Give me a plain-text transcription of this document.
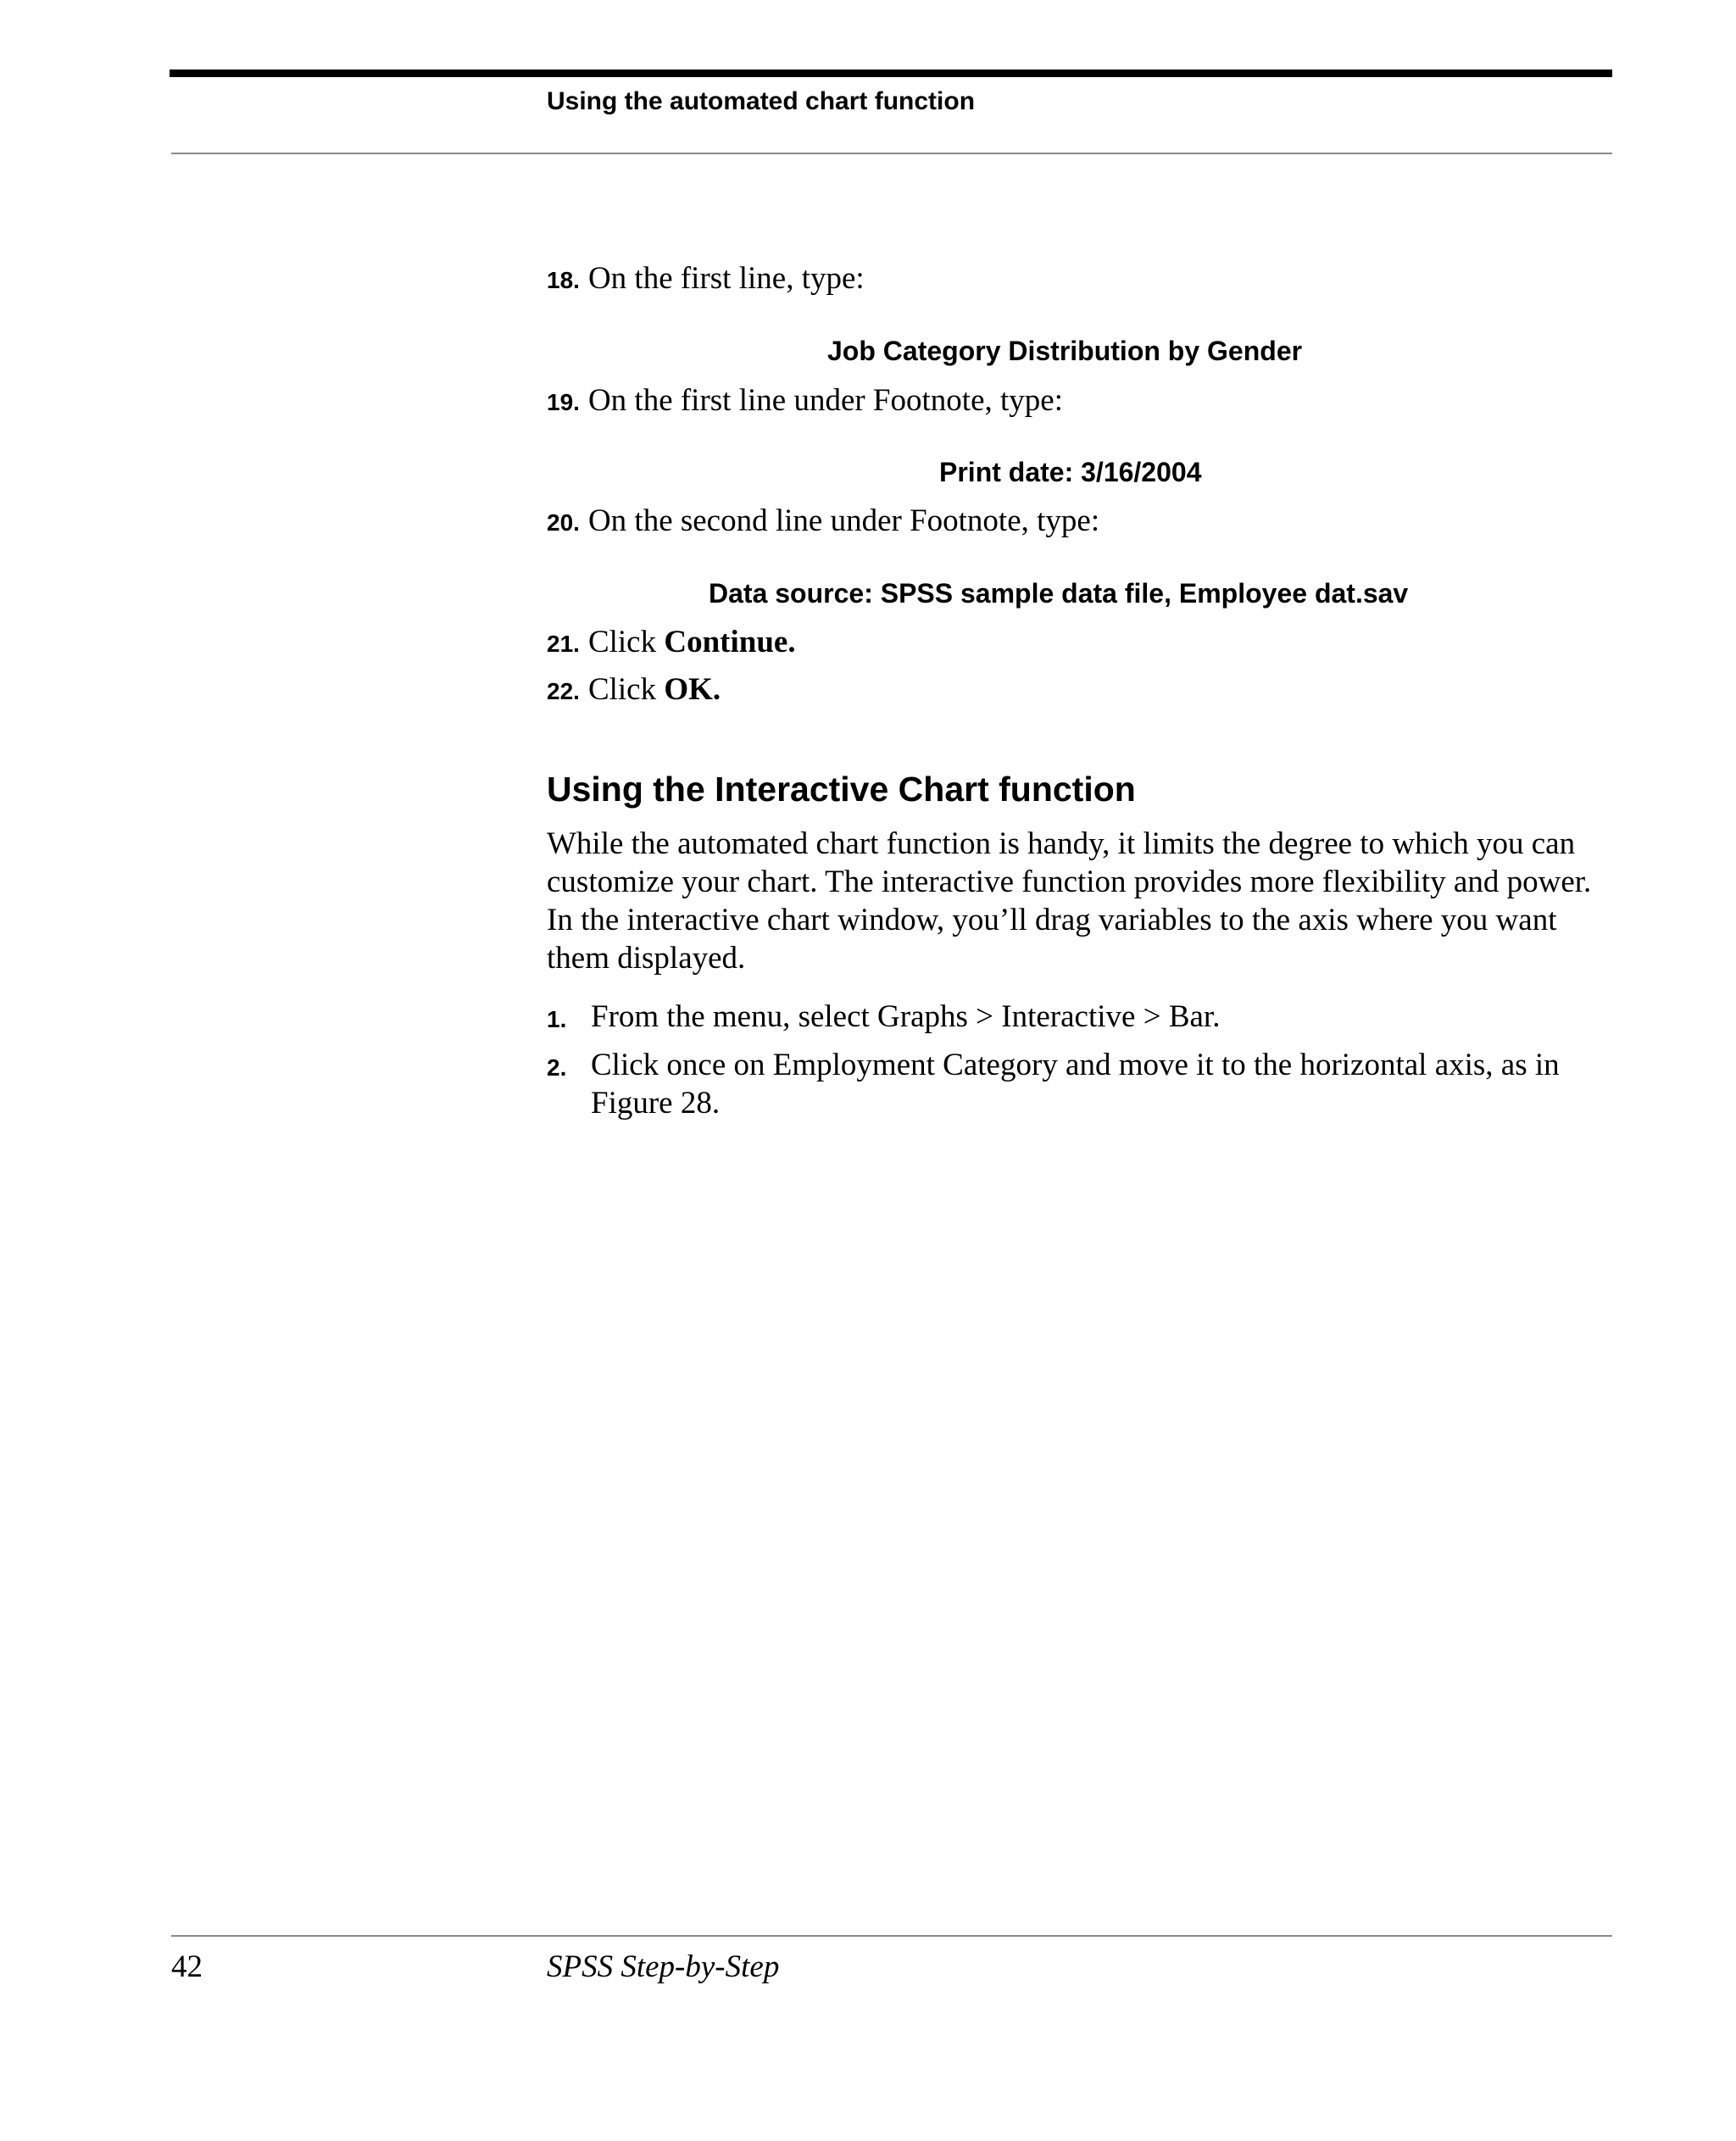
Using the automated chart function
18. On the first line, type:
Job Category Distribution by Gender
19. On the first line under Footnote, type:
Print date: 3/16/2004
20. On the second line under Footnote, type:
Data source: SPSS sample data file, Employee dat.sav
21. Click Continue.
22. Click OK.
Using the Interactive Chart function

While the automated chart function is handy, it limits the degree to which you can customize your chart. The interactive function provides more flexibility and power. In the interactive chart window, you’ll drag variables to the axis where you want them displayed.

1. From the menu, select Graphs > Interactive > Bar.
2. Click once on Employment Category and move it to the horizontal axis, as in Figure 28.
42	SPSS Step-by-Step
